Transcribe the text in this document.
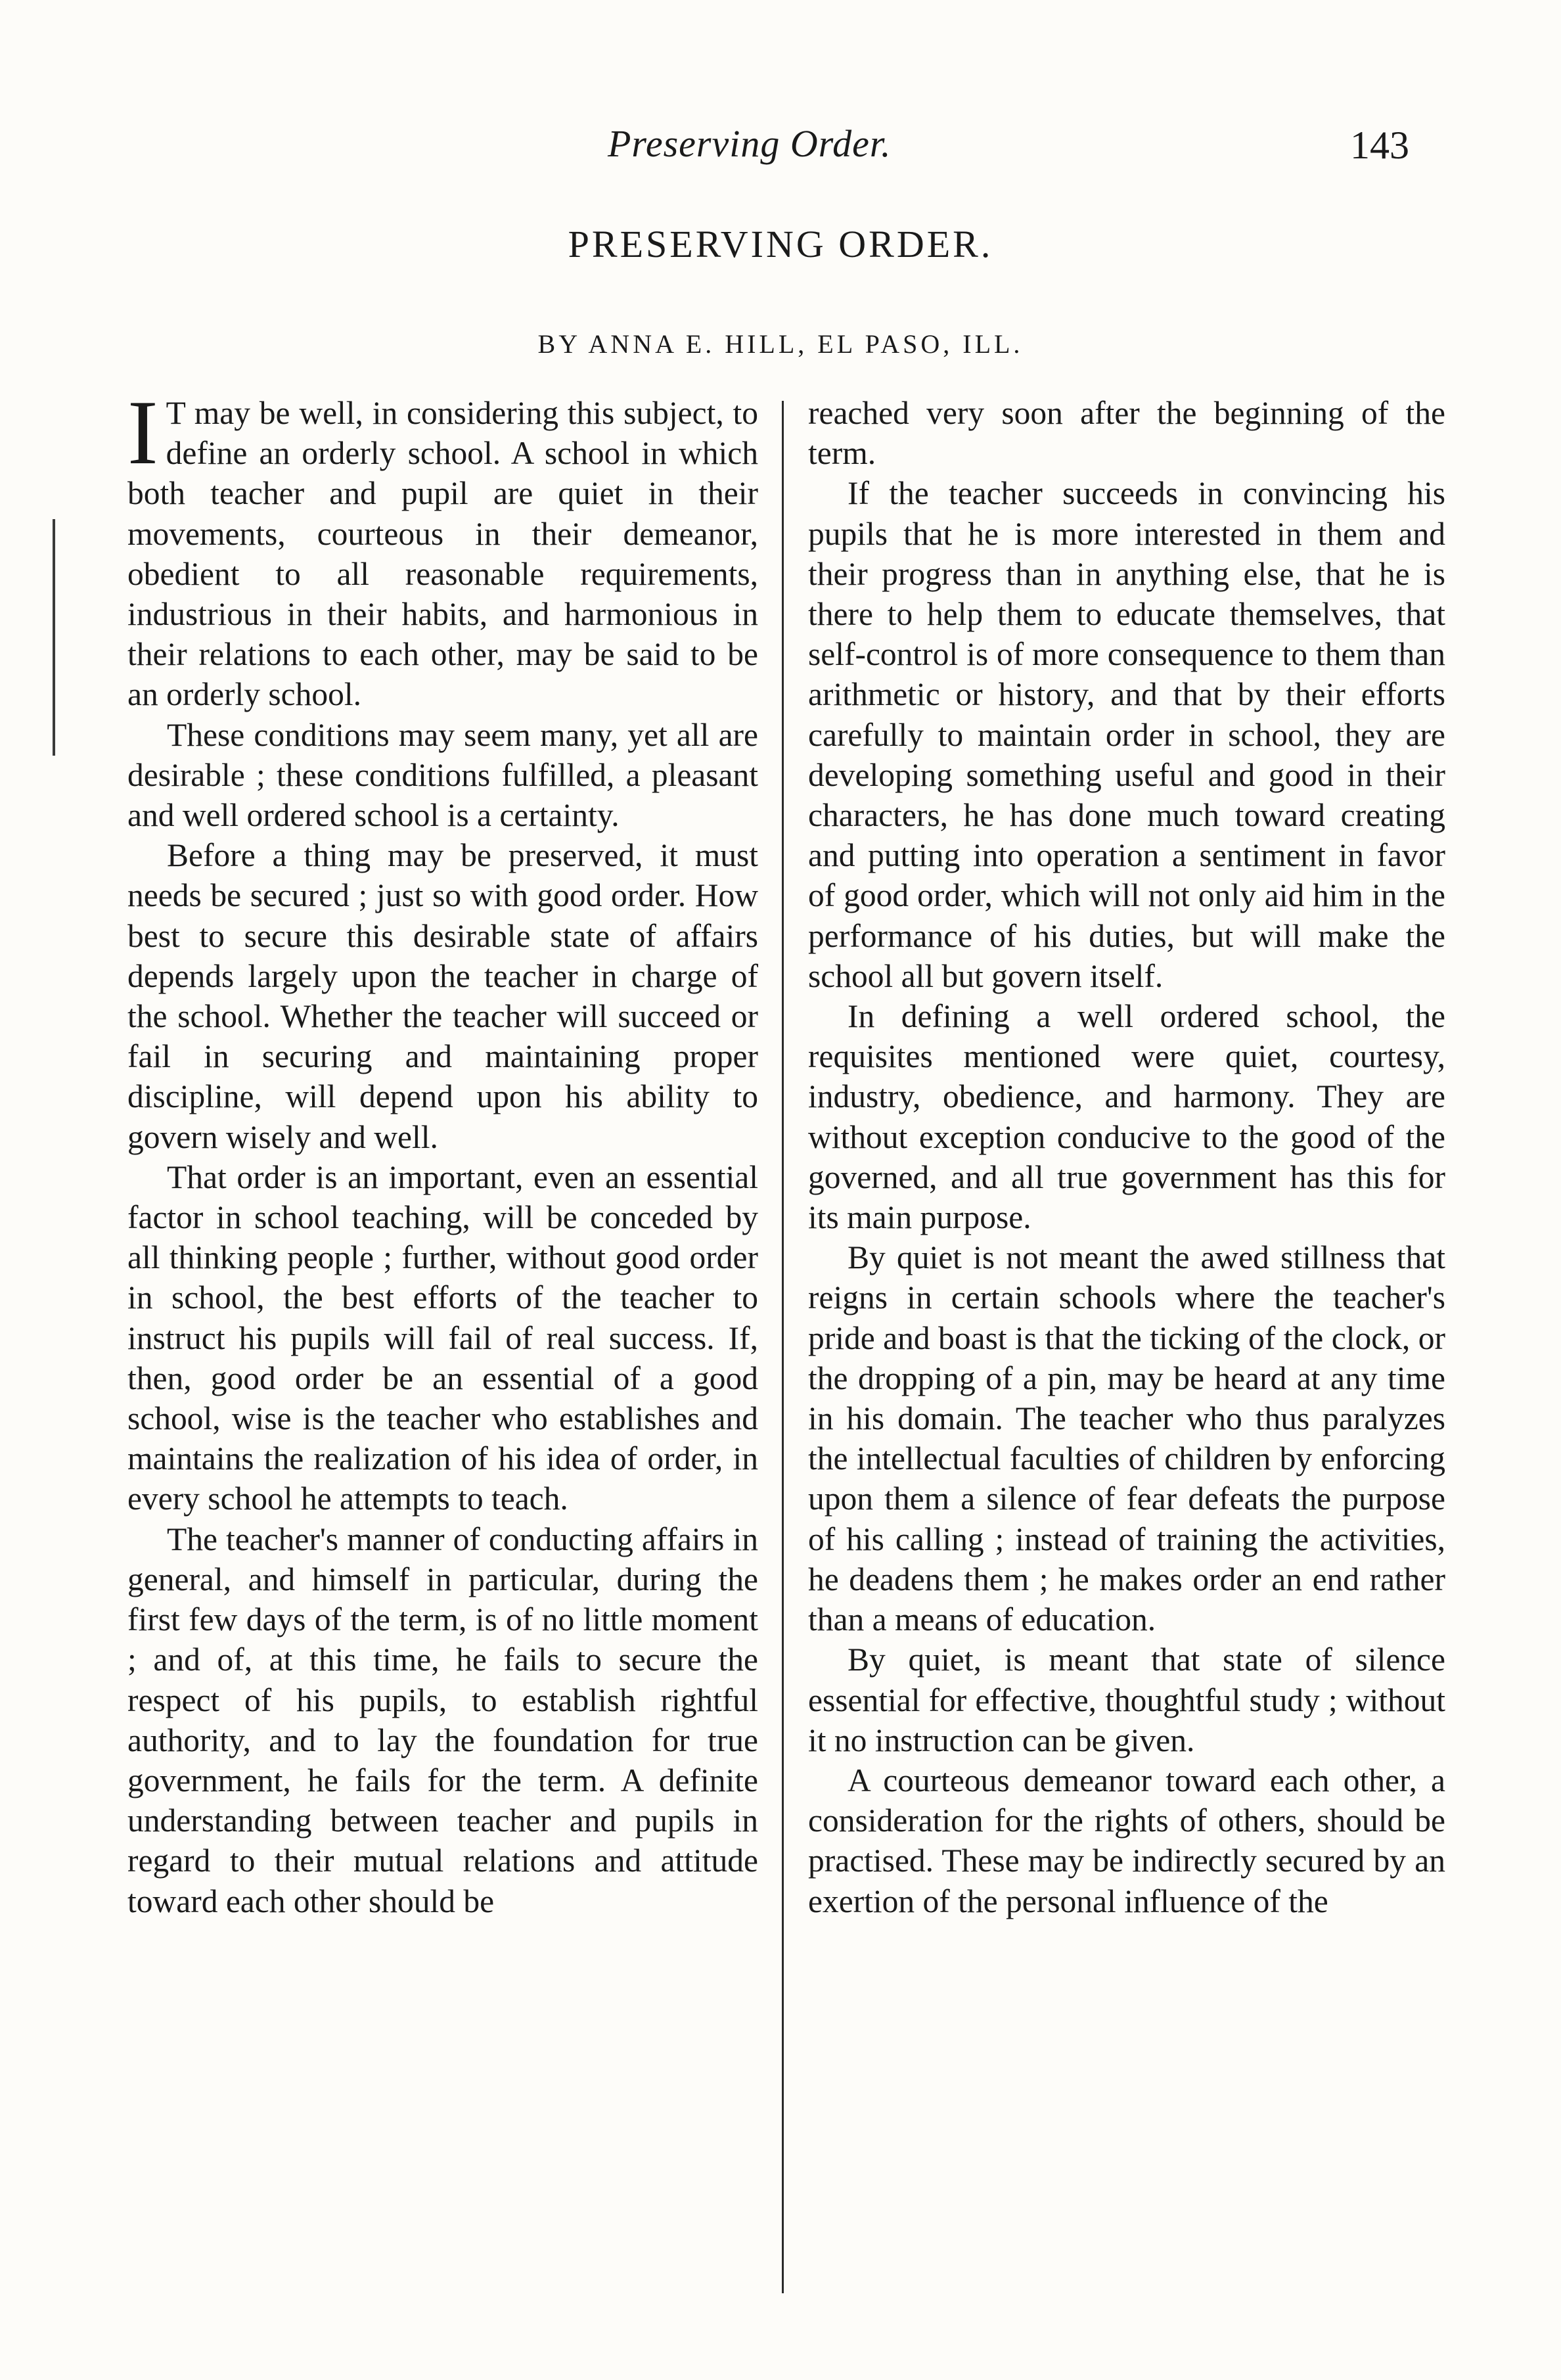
Preserving Order.	143
PRESERVING ORDER.
BY ANNA E. HILL, EL PASO, ILL.

I T may be well, in considering this subject, to define an orderly school. A school in which both teacher and pupil are quiet in their movements, courteous in their demeanor, obedient to all reasonable requirements, industrious in their habits, and harmonious in their relations to each other, may be said to be an orderly school.

These conditions may seem many, yet all are desirable ; these conditions fulfilled, a pleasant and well ordered school is a certainty.

Before a thing may be preserved, it must needs be secured ; just so with good order. How best to secure this desirable state of affairs depends largely upon the teacher in charge of the school. Whether the teacher will succeed or fail in securing and maintaining proper discipline, will depend upon his ability to govern wisely and well.

That order is an important, even an essential factor in school teaching, will be conceded by all thinking people ; further, without good order in school, the best efforts of the teacher to instruct his pupils will fail of real success. If, then, good order be an essential of a good school, wise is the teacher who establishes and maintains the realization of his idea of order, in every school he attempts to teach.

The teacher's manner of conducting affairs in general, and himself in particular, during the first few days of the term, is of no little moment ; and of, at this time, he fails to secure the respect of his pupils, to establish rightful authority, and to lay the foundation for true government, he fails for the term. A definite understanding between teacher and pupils in regard to their mutual relations and attitude toward each other should be

reached very soon after the beginning of the term.

If the teacher succeeds in convincing his pupils that he is more interested in them and their progress than in anything else, that he is there to help them to educate themselves, that self-control is of more consequence to them than arithmetic or history, and that by their efforts carefully to maintain order in school, they are developing something useful and good in their characters, he has done much toward creating and putting into operation a sentiment in favor of good order, which will not only aid him in the performance of his duties, but will make the school all but govern itself.

In defining a well ordered school, the requisites mentioned were quiet, courtesy, industry, obedience, and harmony. They are without exception conducive to the good of the governed, and all true government has this for its main purpose.

By quiet is not meant the awed stillness that reigns in certain schools where the teacher's pride and boast is that the ticking of the clock, or the dropping of a pin, may be heard at any time in his domain. The teacher who thus paralyzes the intellectual faculties of children by enforcing upon them a silence of fear defeats the purpose of his calling ; instead of training the activities, he deadens them ; he makes order an end rather than a means of education.

By quiet, is meant that state of silence essential for effective, thoughtful study ; without it no instruction can be given.

A courteous demeanor toward each other, a consideration for the rights of others, should be practised. These may be indirectly secured by an exertion of the personal influence of the
